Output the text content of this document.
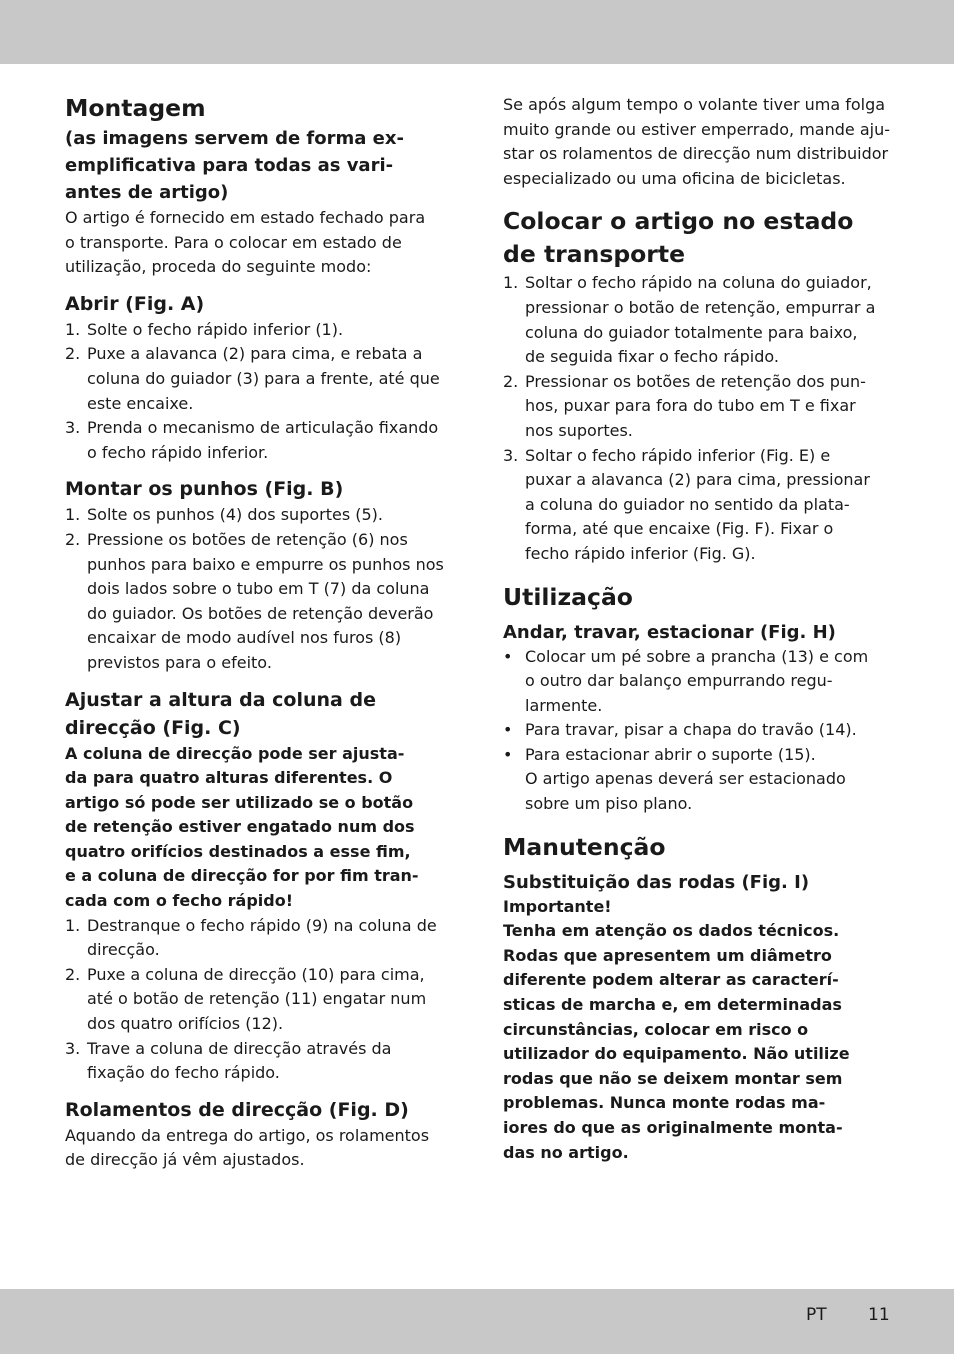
Montagem
(as imagens servem de forma ex-
emplificativa para todas as vari-
antes de artigo)
O artigo é fornecido em estado fechado para
o transporte. Para o colocar em estado de
utilização, proceda do seguinte modo:
Abrir (Fig. A)
1. Solte o fecho rápido inferior (1).
2. Puxe a alavanca (2) para cima, e rebata a
coluna do guiador (3) para a frente, até que
este encaixe.
3. Prenda o mecanismo de articulação fixando
o fecho rápido inferior.
Montar os punhos (Fig. B)
1. Solte os punhos (4) dos suportes (5).
2. Pressione os botões de retenção (6) nos
punhos para baixo e empurre os punhos nos
dois lados sobre o tubo em T (7) da coluna
do guiador. Os botões de retenção deverão
encaixar de modo audível nos furos (8)
previstos para o efeito.
Ajustar a altura da coluna de
direcção (Fig. C)
A coluna de direcção pode ser ajusta-
da para quatro alturas diferentes. O
artigo só pode ser utilizado se o botão
de retenção estiver engatado num dos
quatro orifícios destinados a esse fim,
e a coluna de direcção for por fim tran-
cada com o fecho rápido!
1. Destranque o fecho rápido (9) na coluna de
direcção.
2. Puxe a coluna de direcção (10) para cima,
até o botão de retenção (11) engatar num
dos quatro orifícios (12).
3. Trave a coluna de direcção através da
fixação do fecho rápido.
Rolamentos de direcção (Fig. D)
Aquando da entrega do artigo, os rolamentos
de direcção já vêm ajustados.
Se após algum tempo o volante tiver uma folga
muito grande ou estiver emperrado, mande aju-
star os rolamentos de direcção num distribuidor
especializado ou uma oficina de bicicletas.
Colocar o artigo no estado
de transporte
1. Soltar o fecho rápido na coluna do guiador,
pressionar o botão de retenção, empurrar a
coluna do guiador totalmente para baixo,
de seguida fixar o fecho rápido.
2. Pressionar os botões de retenção dos pun-
hos, puxar para fora do tubo em T e fixar
nos suportes.
3. Soltar o fecho rápido inferior (Fig. E) e
puxar a alavanca (2) para cima, pressionar
a coluna do guiador no sentido da plata-
forma, até que encaixe (Fig. F). Fixar o
fecho rápido inferior (Fig. G).
Utilização
Andar, travar, estacionar (Fig. H)
• Colocar um pé sobre a prancha (13) e com
o outro dar balanço empurrando regu-
larmente.
• Para travar, pisar a chapa do travão (14).
• Para estacionar abrir o suporte (15).
O artigo apenas deverá ser estacionado
sobre um piso plano.
Manutenção
Substituição das rodas (Fig. I)
Importante!
Tenha em atenção os dados técnicos.
Rodas que apresentem um diâmetro
diferente podem alterar as caracterí-
sticas de marcha e, em determinadas
circunstâncias, colocar em risco o
utilizador do equipamento. Não utilize
rodas que não se deixem montar sem
problemas. Nunca monte rodas ma-
iores do que as originalmente monta-
das no artigo.
PT 11
